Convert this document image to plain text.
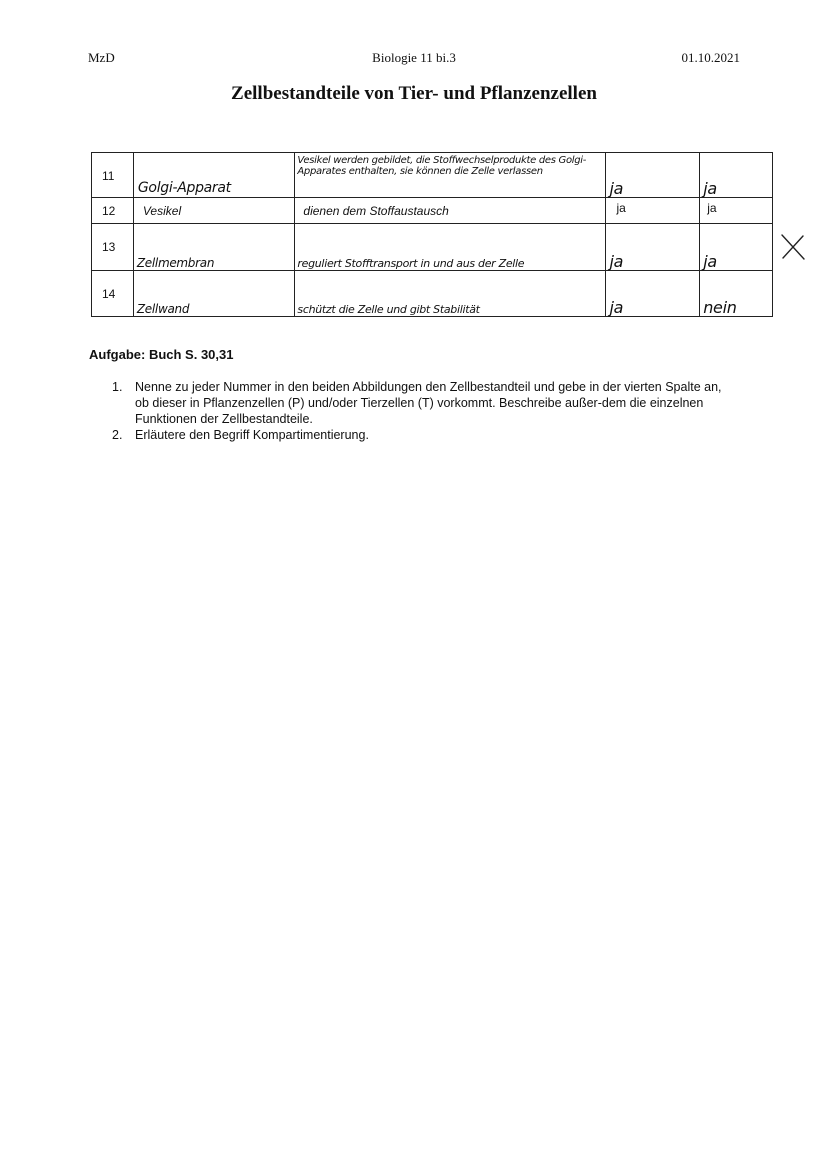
MzD	Biologie 11 bi.3	01.10.2021
Zellbestandteile von Tier- und Pflanzenzellen
11	Golgi-Apparat	Vesikel werden gebildet, die Stoffwechselprodukte des Golgi-Apparates enthalten, sie können die Zelle verlassen	ja	ja

12	Vesikel	dienen dem Stoffaustausch	ja	ja

13	Zellmembran	reguliert Stofftransport in und aus der Zelle	ja	ja

14	Zellwand	schützt die Zelle und gibt Stabilität	ja	nein
Aufgabe: Buch S. 30,31
1. Nenne zu jeder Nummer in den beiden Abbildungen den Zellbestandteil und gebe in der vierten Spalte an, ob dieser in Pflanzenzellen (P) und/oder Tierzellen (T) vorkommt. Beschreibe außer-dem die einzelnen Funktionen der Zellbestandteile.
2. Erläutere den Begriff Kompartimentierung.
